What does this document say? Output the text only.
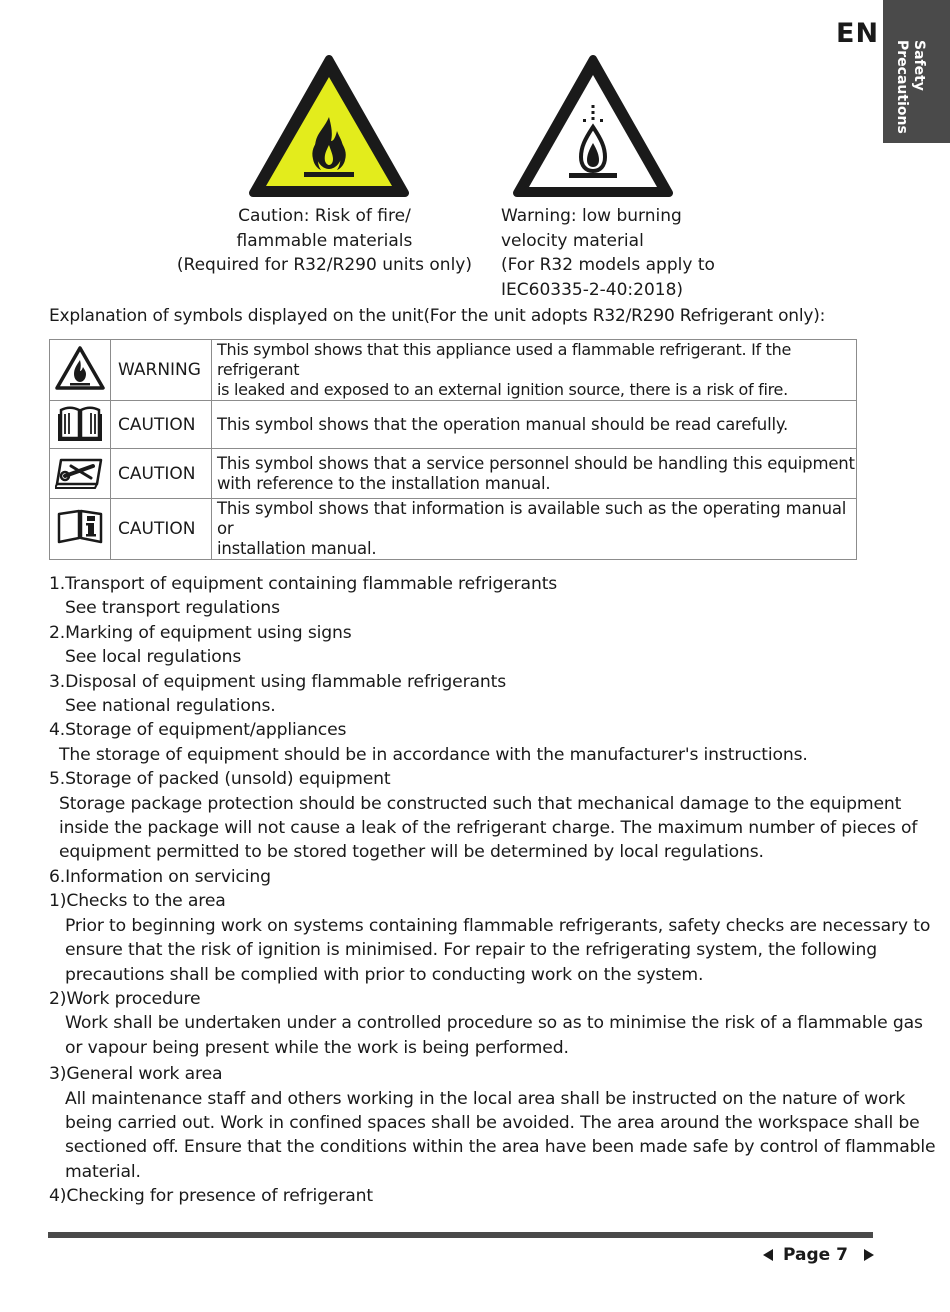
EN
Safety
Precautions
Caution: Risk of fire/
flammable materials
(Required for R32/R290 units only)
Warning: low burning
velocity material
(For R32 models apply to
IEC60335-2-40:2018)
Explanation of symbols displayed on the unit(For the unit adopts R32/R290 Refrigerant only):
	WARNING	This symbol shows that this appliance used a flammable refrigerant. If the refrigerant
is leaked and exposed to an external ignition source, there is a risk of fire.

	CAUTION	This symbol shows that the operation manual should be read carefully.

	CAUTION	This symbol shows that a service personnel should be handling this equipment
with reference to the installation manual.

	CAUTION	This symbol shows that information is available such as the operating manual or
installation manual.
1.Transport of equipment containing flammable refrigerants
See transport regulations
2.Marking of equipment using signs
See local regulations
3.Disposal of equipment using flammable refrigerants
See national regulations.
4.Storage of equipment/appliances
The storage of equipment should be in accordance with the manufacturer's instructions.
5.Storage of packed (unsold) equipment
Storage package protection should be constructed such that mechanical damage to the equipment
inside the package will not cause a leak of the refrigerant charge. The maximum number of pieces of
equipment permitted to be stored together will be determined by local regulations.
6.Information on servicing
1)Checks to the area
Prior to beginning work on systems containing flammable refrigerants, safety checks are necessary to
ensure that the risk of ignition is minimised. For repair to the refrigerating system, the following
precautions shall be complied with prior to conducting work on the system.
2)Work procedure
Work shall be undertaken under a controlled procedure so as to minimise the risk of a flammable gas
or vapour being present while the work is being performed.
3)General work area
All maintenance staff and others working in the local area shall be instructed on the nature of work
being carried out. Work in confined spaces shall be avoided. The area around the workspace shall be
sectioned off. Ensure that the conditions within the area have been made safe by control of flammable
material.
4)Checking for presence of refrigerant
Page 7
